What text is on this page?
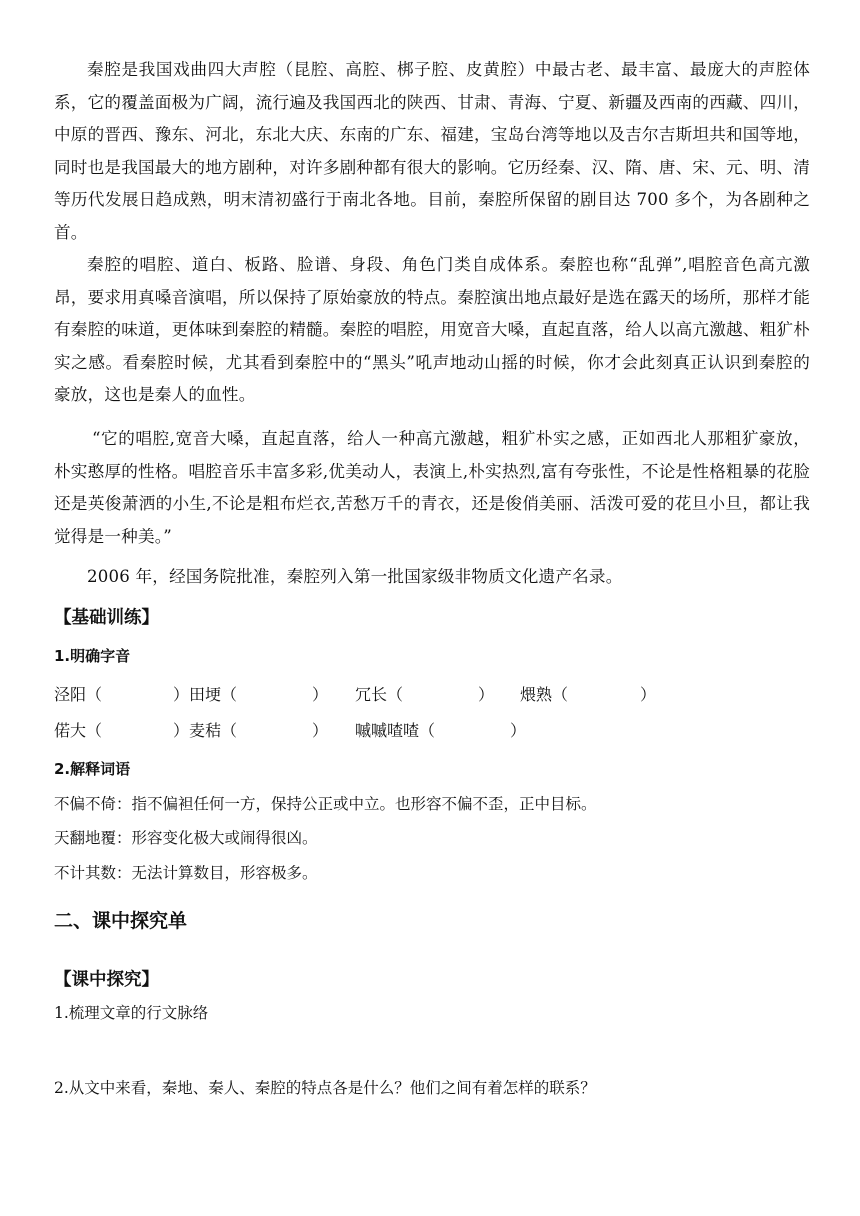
秦腔是我国戏曲四大声腔（昆腔、高腔、梆子腔、皮黄腔）中最古老、最丰富、最庞大的声腔体系，它的覆盖面极为广阔，流行遍及我国西北的陕西、甘肃、青海、宁夏、新疆及西南的西藏、四川，中原的晋西、豫东、河北，东北大庆、东南的广东、福建，宝岛台湾等地以及吉尔吉斯坦共和国等地，同时也是我国最大的地方剧种，对许多剧种都有很大的影响。它历经秦、汉、隋、唐、宋、元、明、清等历代发展日趋成熟，明末清初盛行于南北各地。目前，秦腔所保留的剧目达 700 多个，为各剧种之首。

秦腔的唱腔、道白、板路、脸谱、身段、角色门类自成体系。秦腔也称“乱弹”,唱腔音色高亢激昂，要求用真嗓音演唱，所以保持了原始豪放的特点。秦腔演出地点最好是选在露天的场所，那样才能有秦腔的味道，更体味到秦腔的精髓。秦腔的唱腔，用宽音大嗓，直起直落，给人以高亢激越、粗犷朴实之感。看秦腔时候，尤其看到秦腔中的“黑头”吼声地动山摇的时候，你才会此刻真正认识到秦腔的豪放，这也是秦人的血性。

“它的唱腔,宽音大嗓，直起直落，给人一种高亢激越，粗犷朴实之感，正如西北人那粗犷豪放，朴实憨厚的性格。唱腔音乐丰富多彩,优美动人，表演上,朴实热烈,富有夸张性，不论是性格粗暴的花脸还是英俊萧洒的小生,不论是粗布烂衣,苦愁万千的青衣，还是俊俏美丽、活泼可爱的花旦小旦，都让我觉得是一种美。”

2006 年，经国务院批准，秦腔列入第一批国家级非物质文化遗产名录。

【基础训练】
1.明确字音
泾阳（	）田埂（	） 冗长（	） 煨熟（	）
偌大（	）麦秸（	） 嘁嘁喳喳（	）
2.解释词语
不偏不倚：指不偏袒任何一方，保持公正或中立。也形容不偏不歪，正中目标。
天翻地覆：形容变化极大或闹得很凶。
不计其数：无法计算数目，形容极多。
二、课中探究单
【课中探究】
1.梳理文章的行文脉络
2.从文中来看，秦地、秦人、秦腔的特点各是什么？他们之间有着怎样的联系？
